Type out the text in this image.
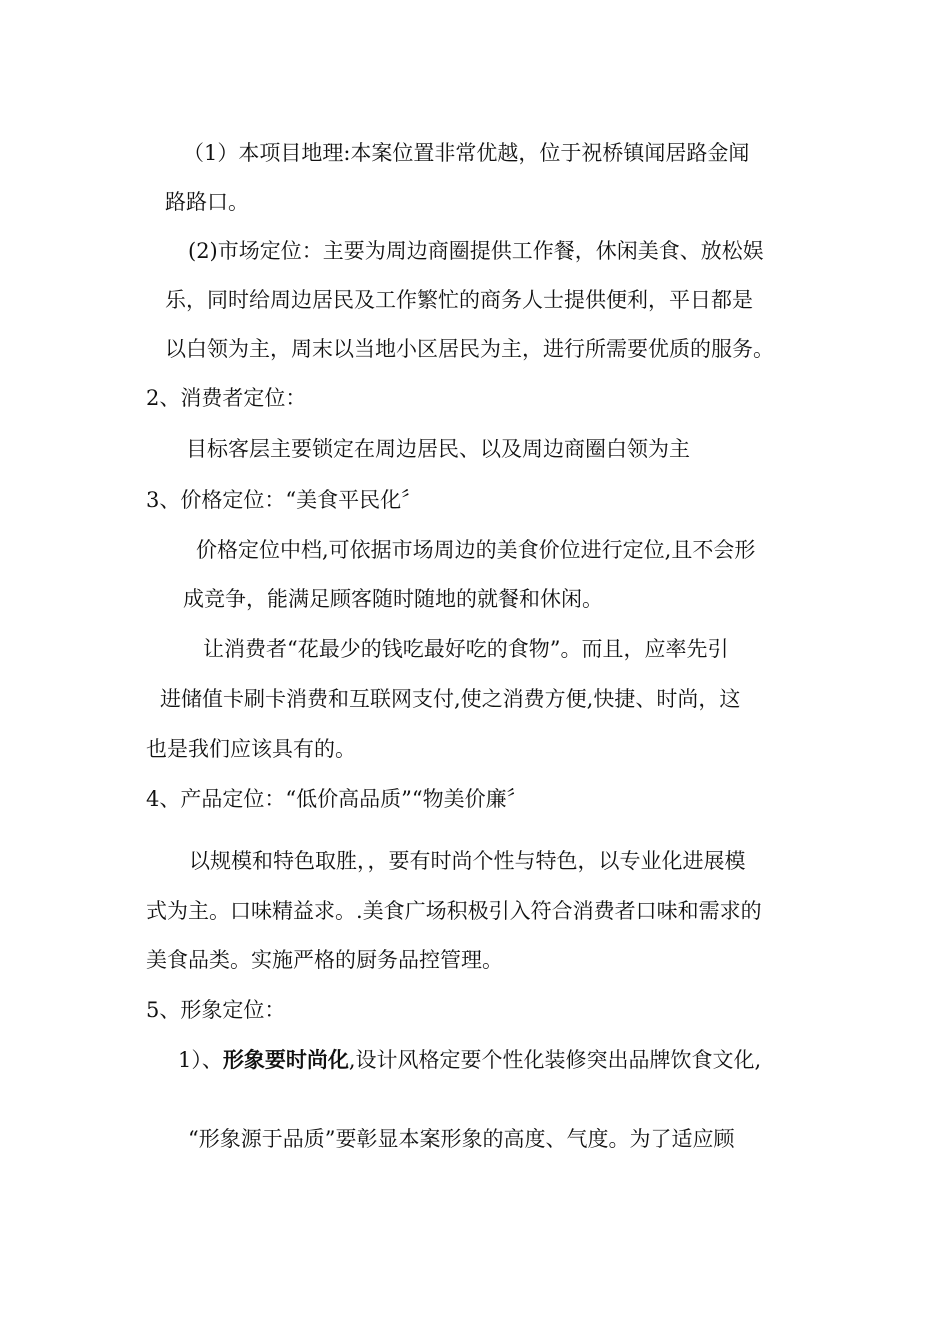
（1）本项目地理:本案位置非常优越，位于祝桥镇闻居路金闻
路路口。
(2)市场定位：主要为周边商圈提供工作餐，休闲美食、放松娱
乐，同时给周边居民及工作繁忙的商务人士提供便利，平日都是
以白领为主，周末以当地小区居民为主，进行所需要优质的服务。
2、消费者定位：
目标客层主要锁定在周边居民、以及周边商圈白领为主
3、价格定位：“美食平民化〞
价格定位中档,可依据市场周边的美食价位进行定位,且不会形
成竞争，能满足顾客随时随地的就餐和休闲。
让消费者“花最少的钱吃最好吃的食物”。而且，应率先引
进储值卡刷卡消费和互联网支付,使之消费方便,快捷、时尚，这
也是我们应该具有的。
4、产品定位：“低价高品质”“物美价廉〞
以规模和特色取胜，，要有时尚个性与特色，以专业化进展模
式为主。口味精益求。.美食广场积极引入符合消费者口味和需求的
美食品类。实施严格的厨务品控管理。
5、形象定位：
1）、形象要时尚化,设计风格定要个性化装修突出品牌饮食文化,
“形象源于品质”要彰显本案形象的高度、气度。为了适应顾
